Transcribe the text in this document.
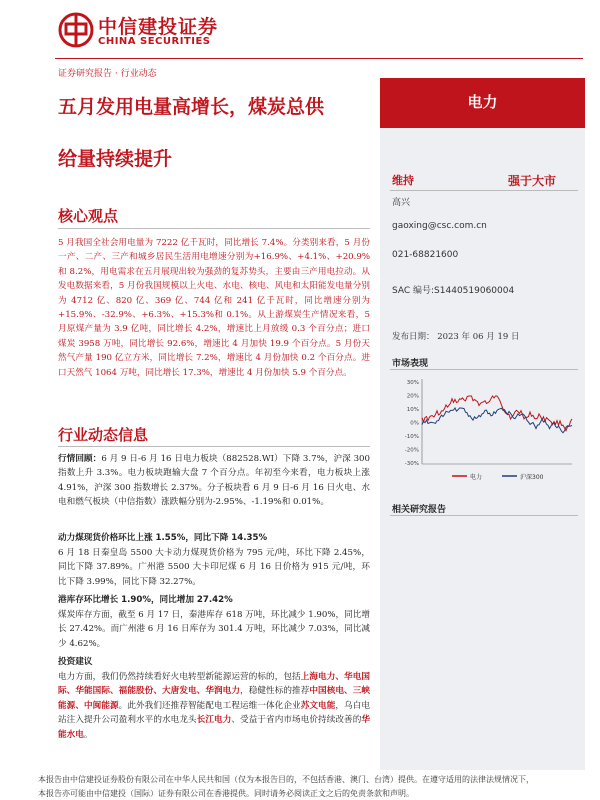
中信建投证券
CHINA SECURITIES
证券研究报告 · 行业动态
五月发用电量高增长，煤炭总供
给量持续提升
核心观点
5 月我国全社会用电量为 7222 亿千瓦时，同比增长 7.4%。分类别来看，5 月份一产、二产、三产和城乡居民生活用电增速分别为+16.9%、+4.1%、+20.9%和 8.2%，用电需求在五月展现出较为强劲的复苏势头，主要由三产用电拉动。从发电数据来看，5 月份我国规模以上火电、水电、核电、风电和太阳能发电量分别为 4712 亿、820 亿、369 亿、744 亿和 241 亿千瓦时，同比增速分别为+15.9%、-32.9%、+6.3%、+15.3%和 0.1%。从上游煤炭生产情况来看，5 月原煤产量为 3.9 亿吨，同比增长 4.2%，增速比上月放缓 0.3 个百分点；进口煤炭 3958 万吨，同比增长 92.6%，增速比 4 月加快 19.9 个百分点。5 月份天然气产量 190 亿立方米，同比增长 7.2%，增速比 4 月份加快 0.2 个百分点。进口天然气 1064 万吨，同比增长 17.3%，增速比 4 月份加快 5.9 个百分点。
行业动态信息
行情回顾：6 月 9 日-6 月 16 日电力板块（882528.WI）下降 3.7%，沪深 300 指数上升 3.3%。电力板块跑输大盘 7 个百分点。年初至今来看，电力板块上涨 4.91%，沪深 300 指数增长 2.37%。分子板块看 6 月 9 日-6 月 16 日火电、水电和燃气板块（中信指数）涨跌幅分别为-2.95%、-1.19%和 0.01%。
动力煤现货价格环比上涨 1.55%，同比下降 14.35%
6 月 18 日秦皇岛 5500 大卡动力煤现货价格为 795 元/吨，环比下降 2.45%，同比下降 37.89%。广州港 5500 大卡印尼煤 6 月 16 日价格为 915 元/吨，环比下降 3.99%，同比下降 32.27%。
港库存环比增长 1.90%，同比增加 27.42%
煤炭库存方面，截至 6 月 17 日，秦港库存 618 万吨，环比减少 1.90%，同比增长 27.42%。而广州港 6 月 16 日库存为 301.4 万吨，环比减少 7.03%，同比减少 4.62%。
投资建议
电力方面，我们仍然持续看好火电转型新能源运营的标的，包括上海电力、华电国际、华能国际、福能股份、大唐发电、华润电力，稳健性标的推荐中国核电、三峡能源、中闽能源。此外我们还推荐智能配电工程运维一体化企业苏文电能，乌白电站注入提升公司盈利水平的水电龙头长江电力、受益于省内市场电价持续改善的华能水电。
电力
维持	强于大市
高兴
gaoxing@csc.com.cn
021-68821600
SAC 编号:S1440519060004
发布日期： 2023 年 06 月 19 日
市场表现
30%
20%
10%
0%
-10%
-20%
-30%
电力	沪深300
相关研究报告
本报告由中信建投证券股份有限公司在中华人民共和国（仅为本报告目的，不包括香港、澳门、台湾）提供。在遵守适用的法律法规情况下，
本报告亦可能由中信建投（国际）证券有限公司在香港提供。同时请务必阅读正文之后的免责条款和声明。
